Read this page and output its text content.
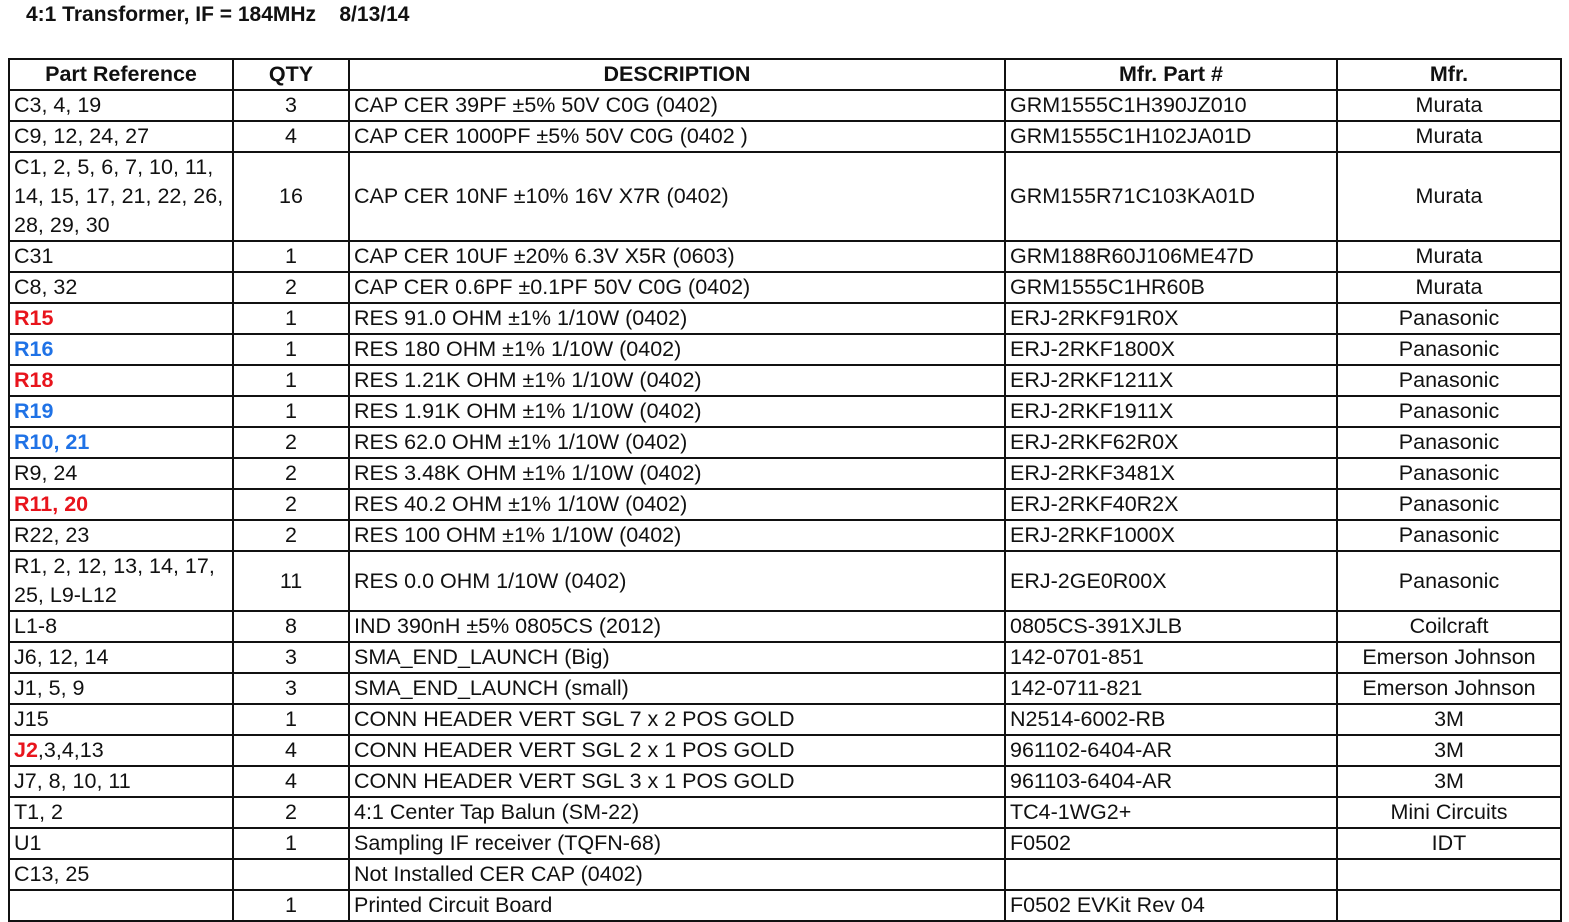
4:1 Transformer, IF = 184MHz    8/13/14
Part Reference	QTY	DESCRIPTION	Mfr. Part #	Mfr.
C3, 4, 19	3	CAP CER 39PF ±5% 50V C0G (0402)	GRM1555C1H390JZ010	Murata
C9, 12, 24, 27	4	CAP CER 1000PF ±5% 50V C0G (0402 )	GRM1555C1H102JA01D	Murata
C1, 2, 5, 6, 7, 10, 11, 14, 15, 17, 21, 22, 26, 28, 29, 30	16	CAP CER 10NF ±10% 16V X7R (0402)	GRM155R71C103KA01D	Murata
C31	1	CAP CER 10UF ±20% 6.3V X5R (0603)	GRM188R60J106ME47D	Murata
C8, 32	2	CAP CER 0.6PF ±0.1PF 50V C0G (0402)	GRM1555C1HR60B	Murata
R15	1	RES 91.0 OHM ±1% 1/10W (0402)	ERJ-2RKF91R0X	Panasonic
R16	1	RES 180 OHM ±1% 1/10W (0402)	ERJ-2RKF1800X	Panasonic
R18	1	RES 1.21K OHM ±1% 1/10W (0402)	ERJ-2RKF1211X	Panasonic
R19	1	RES 1.91K OHM ±1% 1/10W (0402)	ERJ-2RKF1911X	Panasonic
R10, 21	2	RES 62.0 OHM ±1% 1/10W (0402)	ERJ-2RKF62R0X	Panasonic
R9, 24	2	RES 3.48K OHM ±1% 1/10W (0402)	ERJ-2RKF3481X	Panasonic
R11, 20	2	RES 40.2 OHM ±1% 1/10W (0402)	ERJ-2RKF40R2X	Panasonic
R22, 23	2	RES 100 OHM ±1% 1/10W (0402)	ERJ-2RKF1000X	Panasonic
R1, 2, 12, 13, 14, 17, 25, L9-L12	11	RES 0.0 OHM 1/10W (0402)	ERJ-2GE0R00X	Panasonic
L1-8	8	IND 390nH ±5% 0805CS (2012)	0805CS-391XJLB	Coilcraft
J6, 12, 14	3	SMA_END_LAUNCH (Big)	142-0701-851	Emerson Johnson
J1, 5, 9	3	SMA_END_LAUNCH (small)	142-0711-821	Emerson Johnson
J15	1	CONN HEADER VERT SGL 7 x 2 POS GOLD	N2514-6002-RB	3M
J2,3,4,13	4	CONN HEADER VERT SGL 2 x 1 POS GOLD	961102-6404-AR	3M
J7, 8, 10, 11	4	CONN HEADER VERT SGL 3 x 1 POS GOLD	961103-6404-AR	3M
T1, 2	2	4:1 Center Tap Balun (SM-22)	TC4-1WG2+	Mini Circuits
U1	1	Sampling IF receiver (TQFN-68)	F0502	IDT
C13, 25		Not Installed CER CAP (0402)		
	1	Printed Circuit Board	F0502 EVKit Rev 04	
